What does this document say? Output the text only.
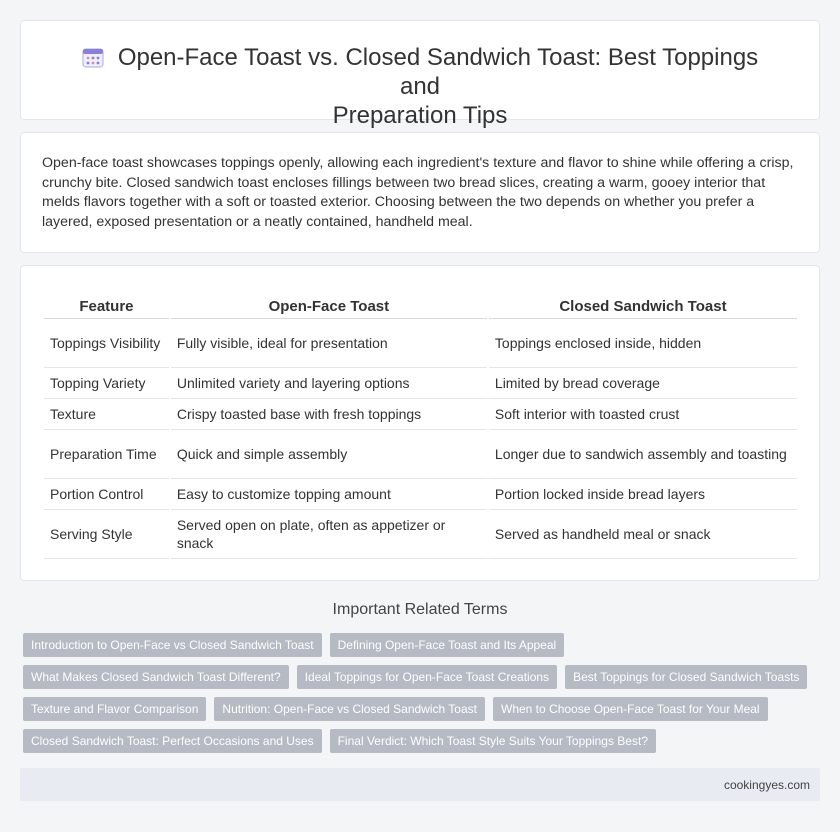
Open-Face Toast vs. Closed Sandwich Toast: Best Toppings and
Preparation Tips

Open-face toast showcases toppings openly, allowing each ingredient's texture and flavor to shine while offering a crisp, crunchy bite. Closed sandwich toast encloses fillings between two bread slices, creating a warm, gooey interior that melds flavors together with a soft or toasted exterior. Choosing between the two depends on whether you prefer a layered, exposed presentation or a neatly contained, handheld meal.

Feature	Open-Face Toast	Closed Sandwich Toast
Toppings Visibility	Fully visible, ideal for presentation	Toppings enclosed inside, hidden
Topping Variety	Unlimited variety and layering options	Limited by bread coverage
Texture	Crispy toasted base with fresh toppings	Soft interior with toasted crust
Preparation Time	Quick and simple assembly	Longer due to sandwich assembly and toasting
Portion Control	Easy to customize topping amount	Portion locked inside bread layers
Serving Style	Served open on plate, often as appetizer or snack	Served as handheld meal or snack
Important Related Terms
Introduction to Open-Face vs Closed Sandwich Toast	Defining Open-Face Toast and Its Appeal
What Makes Closed Sandwich Toast Different?	Ideal Toppings for Open-Face Toast Creations	Best Toppings for Closed Sandwich Toasts
Texture and Flavor Comparison	Nutrition: Open-Face vs Closed Sandwich Toast	When to Choose Open-Face Toast for Your Meal
Closed Sandwich Toast: Perfect Occasions and Uses	Final Verdict: Which Toast Style Suits Your Toppings Best?
cookingyes.com
